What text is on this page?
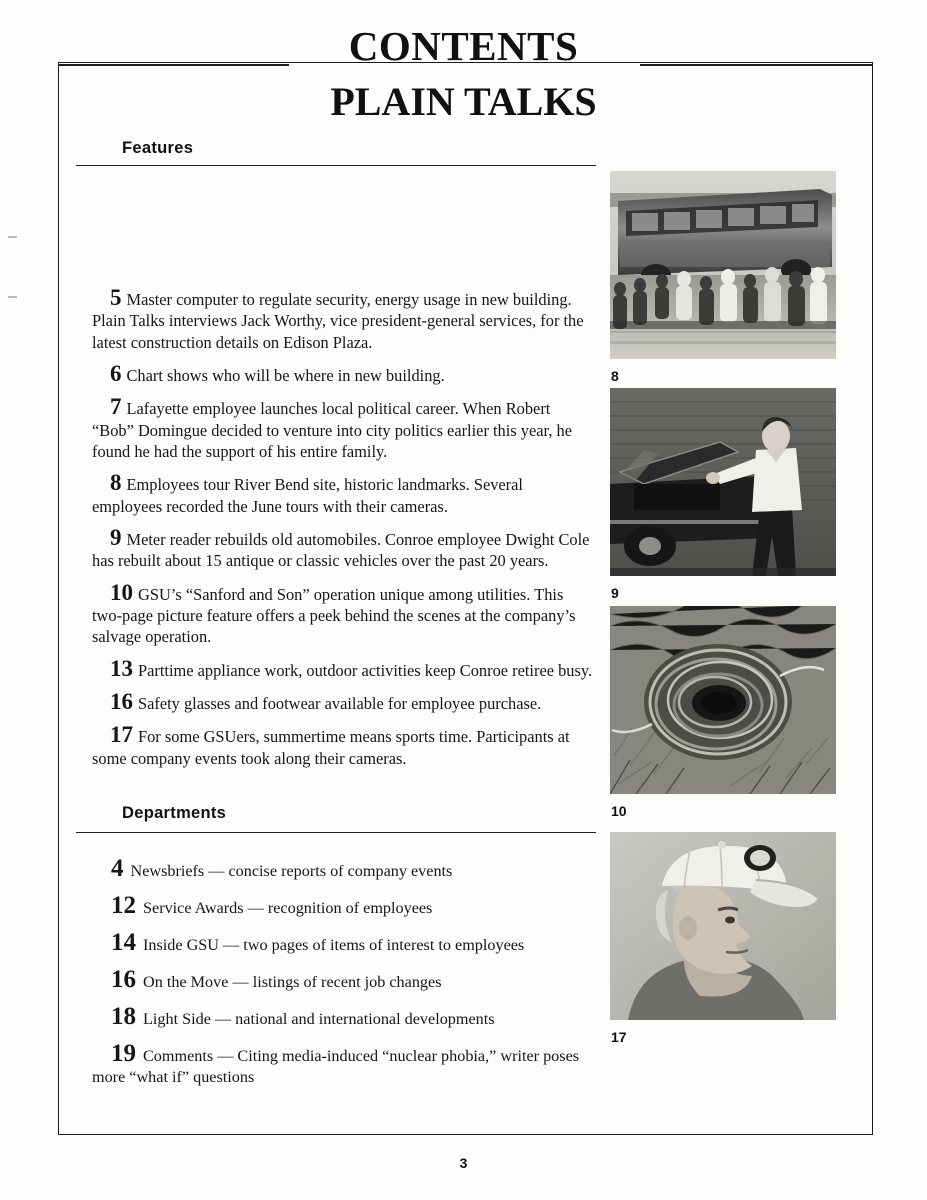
CONTENTS
PLAIN TALKS
Features
5 Master computer to regulate security, energy usage in new building. Plain Talks interviews Jack Worthy, vice president-general services, for the latest construction details on Edison Plaza.
6 Chart shows who will be where in new building.
7 Lafayette employee launches local political career. When Robert “Bob” Domingue decided to venture into city politics earlier this year, he found he had the support of his entire family.
8 Employees tour River Bend site, historic landmarks. Several employees recorded the June tours with their cameras.
9 Meter reader rebuilds old automobiles. Conroe employee Dwight Cole has rebuilt about 15 antique or classic vehicles over the past 20 years.
10 GSU’s “Sanford and Son” operation unique among utilities. This two-page picture feature offers a peek behind the scenes at the company’s salvage operation.
13 Parttime appliance work, outdoor activities keep Conroe retiree busy.
16 Safety glasses and footwear available for employee purchase.
17 For some GSUers, summertime means sports time. Participants at some company events took along their cameras.
Departments
4 Newsbriefs — concise reports of company events
12 Service Awards — recognition of employees
14 Inside GSU — two pages of items of interest to employees
16 On the Move — listings of recent job changes
18 Light Side — national and international developments
19 Comments — Citing media-induced “nuclear phobia,” writer poses more “what if” questions
8
9
10
17
3
